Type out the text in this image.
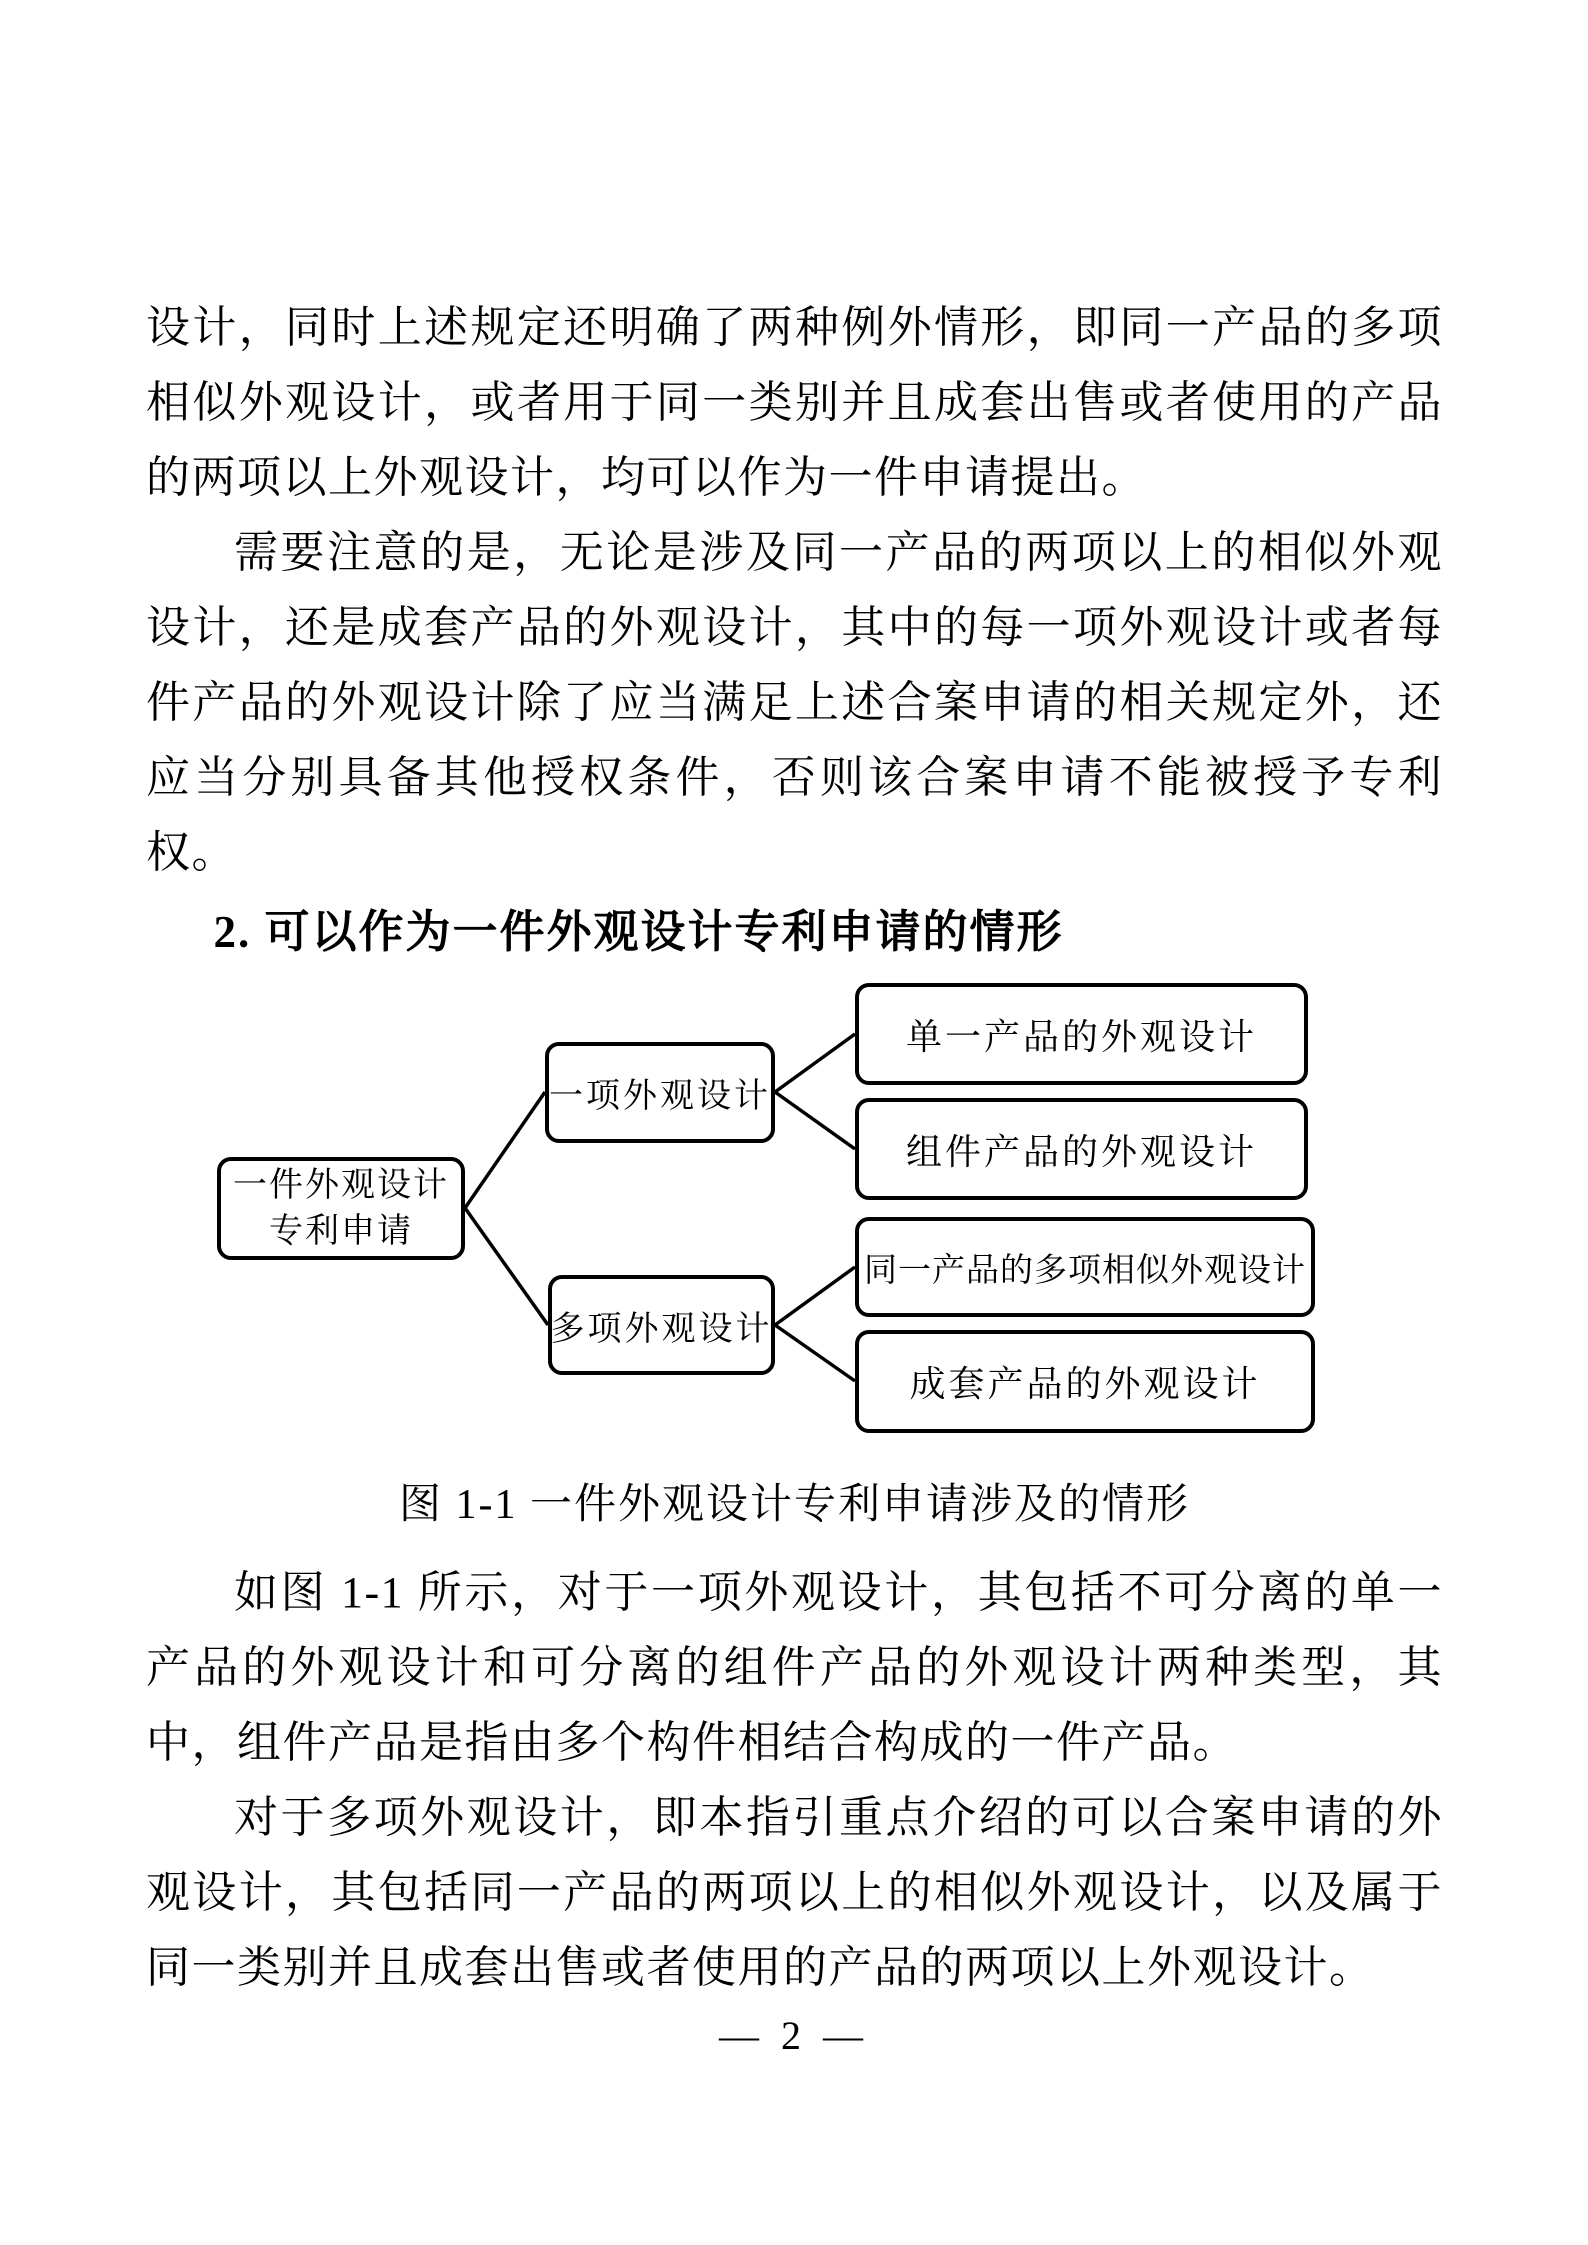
设计，同时上述规定还明确了两种例外情形，即同一产品的多项相似外观设计，或者用于同一类别并且成套出售或者使用的产品的两项以上外观设计，均可以作为一件申请提出。

需要注意的是，无论是涉及同一产品的两项以上的相似外观设计，还是成套产品的外观设计，其中的每一项外观设计或者每件产品的外观设计除了应当满足上述合案申请的相关规定外，还应当分别具备其他授权条件，否则该合案申请不能被授予专利权。

2. 可以作为一件外观设计专利申请的情形
一件外观设计
专利申请
一项外观设计
多项外观设计
单一产品的外观设计
组件产品的外观设计
同一产品的多项相似外观设计
成套产品的外观设计

图 1-1 一件外观设计专利申请涉及的情形

如图 1-1 所示，对于一项外观设计，其包括不可分离的单一产品的外观设计和可分离的组件产品的外观设计两种类型，其中，组件产品是指由多个构件相结合构成的一件产品。

对于多项外观设计，即本指引重点介绍的可以合案申请的外观设计，其包括同一产品的两项以上的相似外观设计，以及属于同一类别并且成套出售或者使用的产品的两项以上外观设计。

— 2 —
